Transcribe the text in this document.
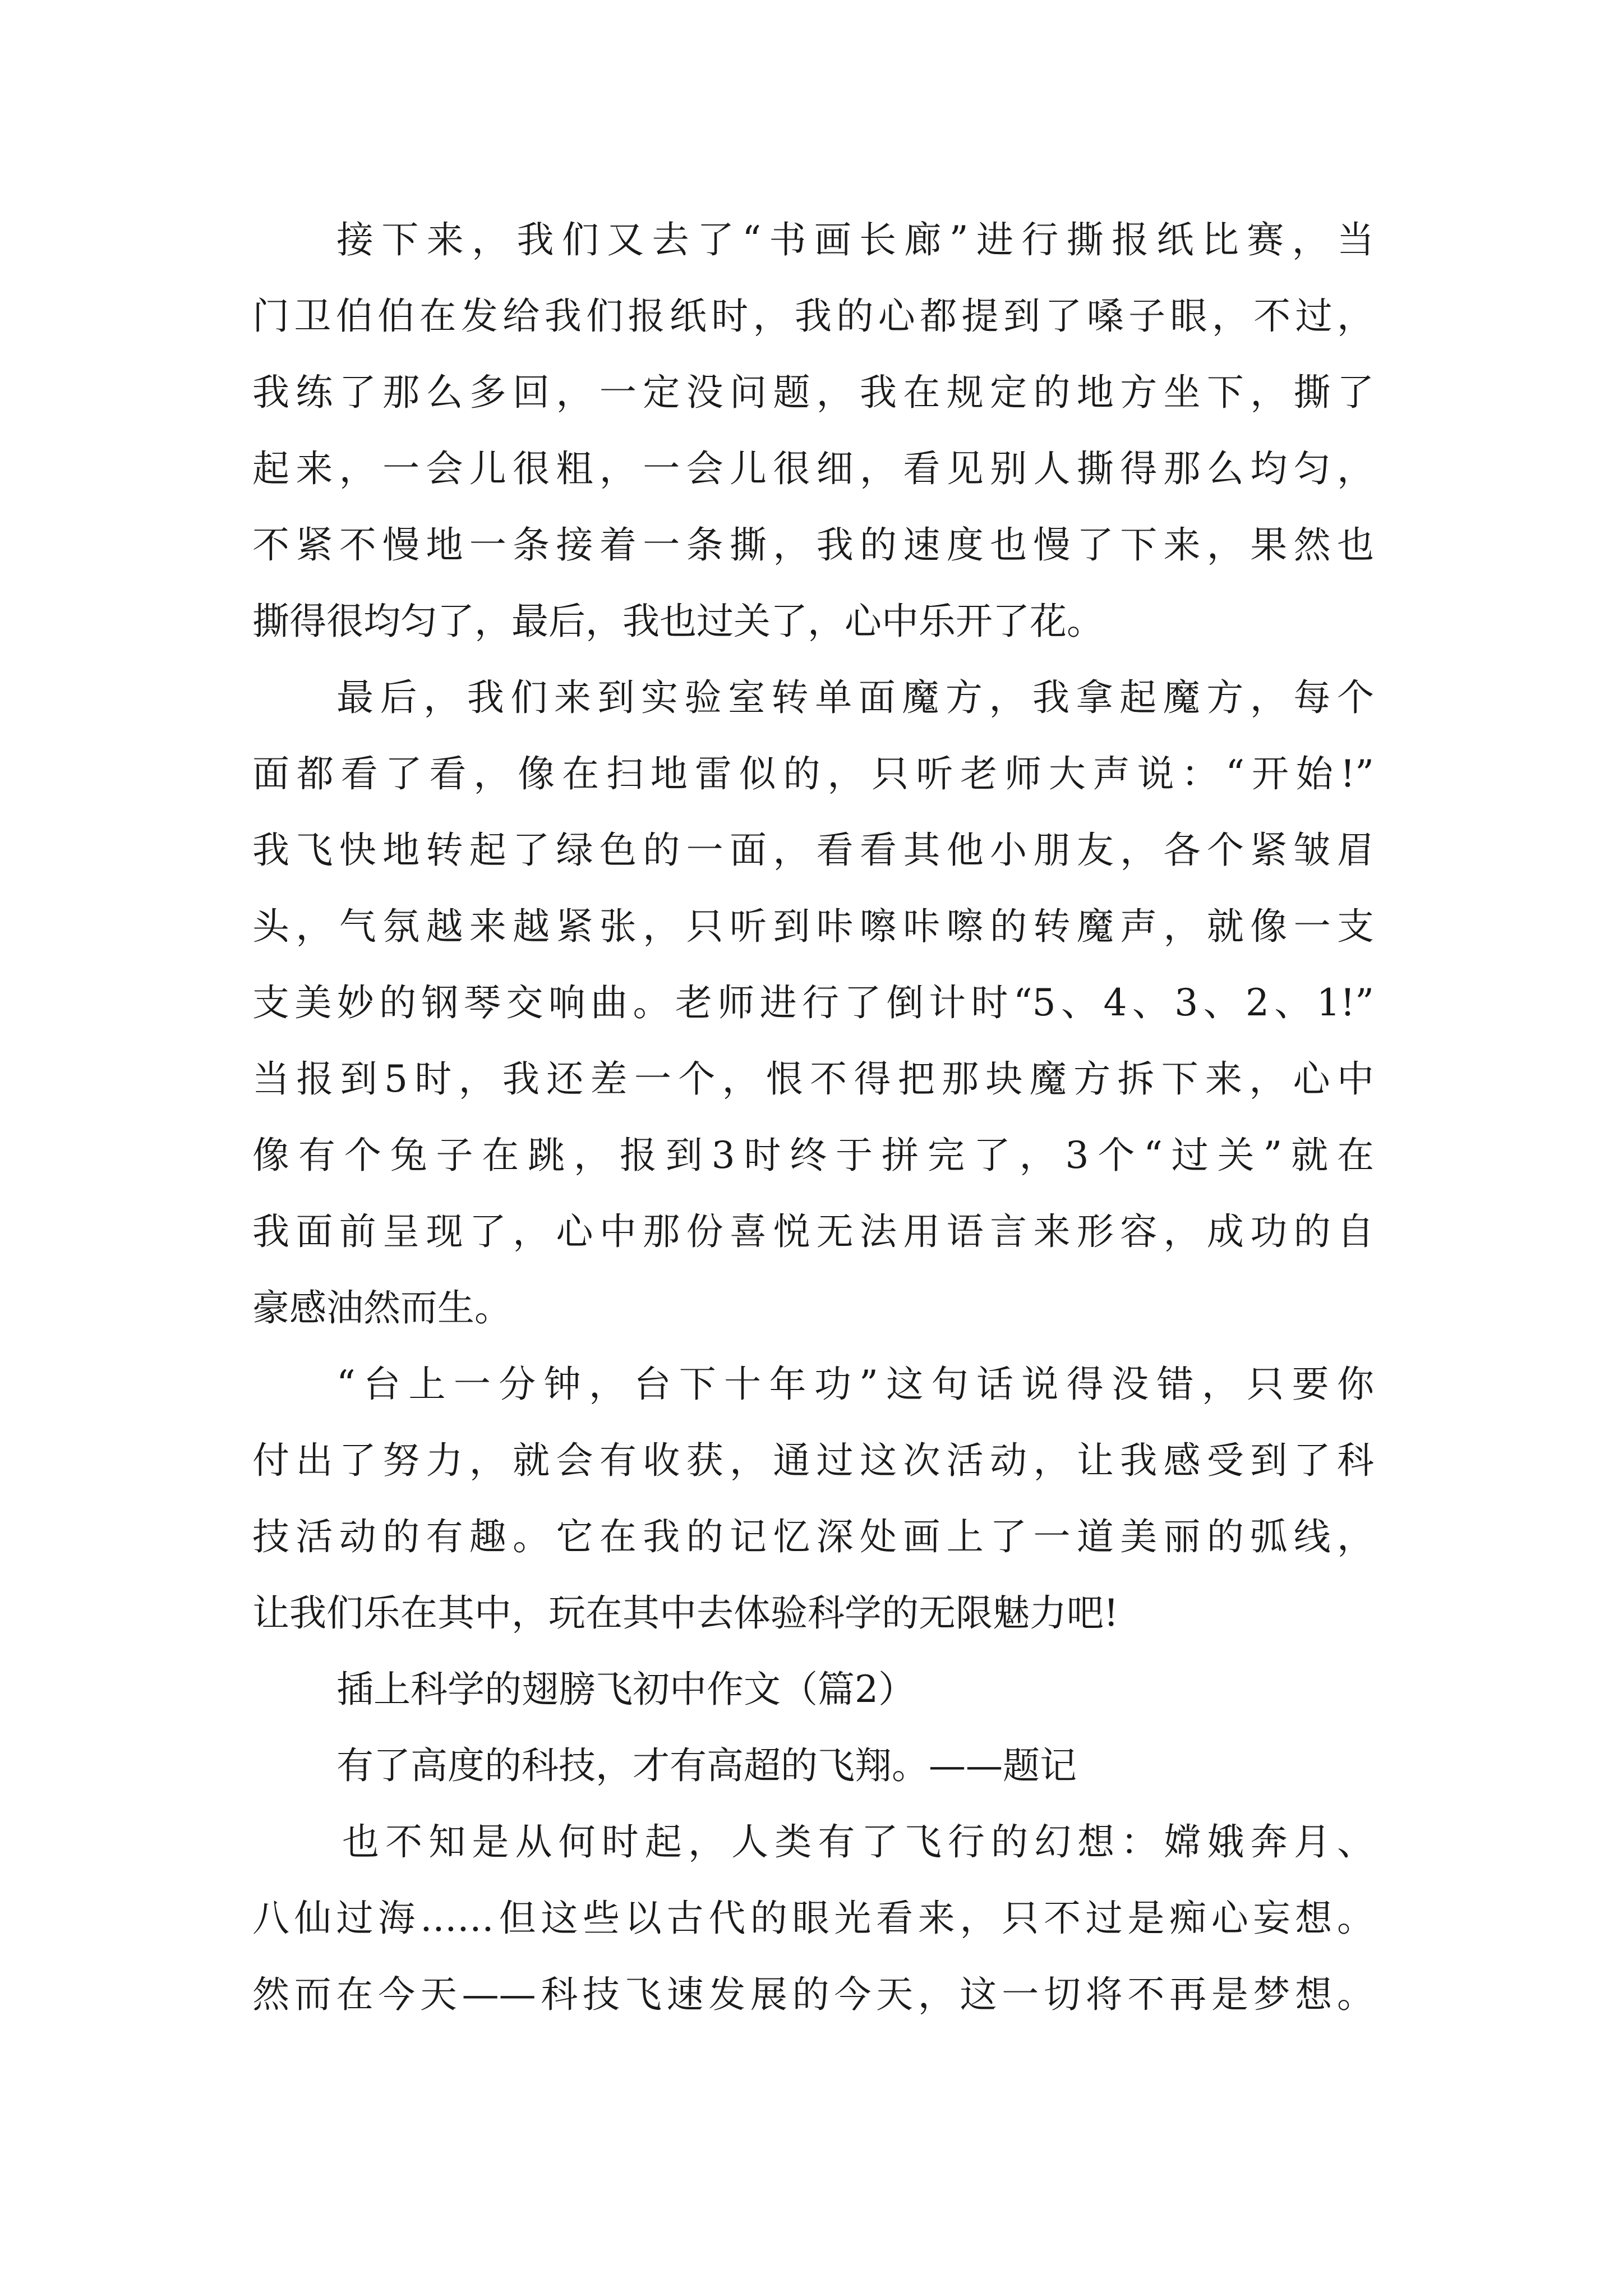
接下来，我们又去了“书画长廊”进行撕报纸比赛，当
门卫伯伯在发给我们报纸时，我的心都提到了嗓子眼，不过，
我练了那么多回，一定没问题，我在规定的地方坐下，撕了
起来，一会儿很粗，一会儿很细，看见别人撕得那么均匀，
不紧不慢地一条接着一条撕，我的速度也慢了下来，果然也
撕得很均匀了，最后，我也过关了，心中乐开了花。
最后，我们来到实验室转单面魔方，我拿起魔方，每个
面都看了看，像在扫地雷似的，只听老师大声说：“开始!”
我飞快地转起了绿色的一面，看看其他小朋友，各个紧皱眉
头，气氛越来越紧张，只听到咔嚓咔嚓的转魔声，就像一支
支美妙的钢琴交响曲。老师进行了倒计时“5、4、3、2、1!”
当报到5时，我还差一个，恨不得把那块魔方拆下来，心中
像有个兔子在跳，报到3时终于拼完了，3个“过关”就在
我面前呈现了，心中那份喜悦无法用语言来形容，成功的自
豪感油然而生。
“台上一分钟，台下十年功”这句话说得没错，只要你
付出了努力，就会有收获，通过这次活动，让我感受到了科
技活动的有趣。它在我的记忆深处画上了一道美丽的弧线，
让我们乐在其中，玩在其中去体验科学的无限魅力吧!
插上科学的翅膀飞初中作文（篇2）
有了高度的科技，才有高超的飞翔。——题记
也不知是从何时起，人类有了飞行的幻想：嫦娥奔月、
八仙过海……但这些以古代的眼光看来，只不过是痴心妄想。
然而在今天——科技飞速发展的今天，这一切将不再是梦想。
